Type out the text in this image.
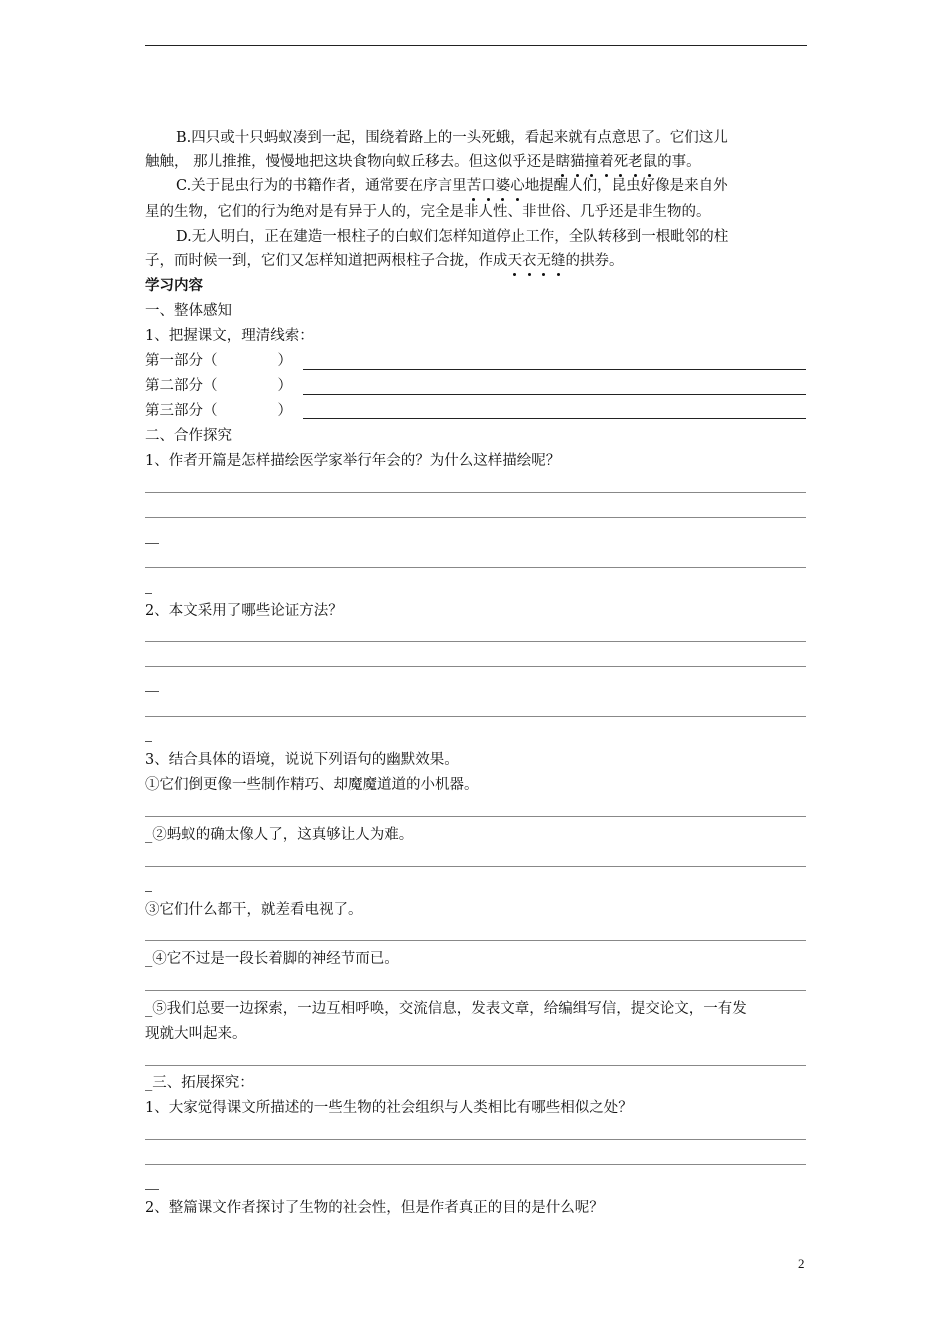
B.四只或十只蚂蚁凑到一起，围绕着路上的一头死蛾，看起来就有点意思了。它们这儿
触触， 那儿推推，慢慢地把这块食物向蚁丘移去。但这似乎还是瞎猫撞着死老鼠的事。
C.关于昆虫行为的书籍作者，通常要在序言里苦口婆心地提醒人们，昆虫好像是来自外
星的生物，它们的行为绝对是有异于人的，完全是非人性、非世俗、几乎还是非生物的。
D.无人明白，正在建造一根柱子的白蚁们怎样知道停止工作，全队转移到一根毗邻的柱
子，而时候一到，它们又怎样知道把两根柱子合拢，作成天衣无缝的拱券。
学习内容
一、整体感知
1、把握课文，理清线索：
第一部分（	）
第二部分（	）
第三部分（	）
二、合作探究
1、作者开篇是怎样描绘医学家举行年会的？为什么这样描绘呢？
2、本文采用了哪些论证方法？
3、结合具体的语境，说说下列语句的幽默效果。
①它们倒更像一些制作精巧、却魔魔道道的小机器。
_②蚂蚁的确太像人了，这真够让人为难。
③它们什么都干，就差看电视了。
_④它不过是一段长着脚的神经节而已。
_⑤我们总要一边探索，一边互相呼唤，交流信息，发表文章，给编缉写信，提交论文，一有发
现就大叫起来。
_三、拓展探究：
1、大家觉得课文所描述的一些生物的社会组织与人类相比有哪些相似之处？
2、整篇课文作者探讨了生物的社会性，但是作者真正的目的是什么呢？
2
